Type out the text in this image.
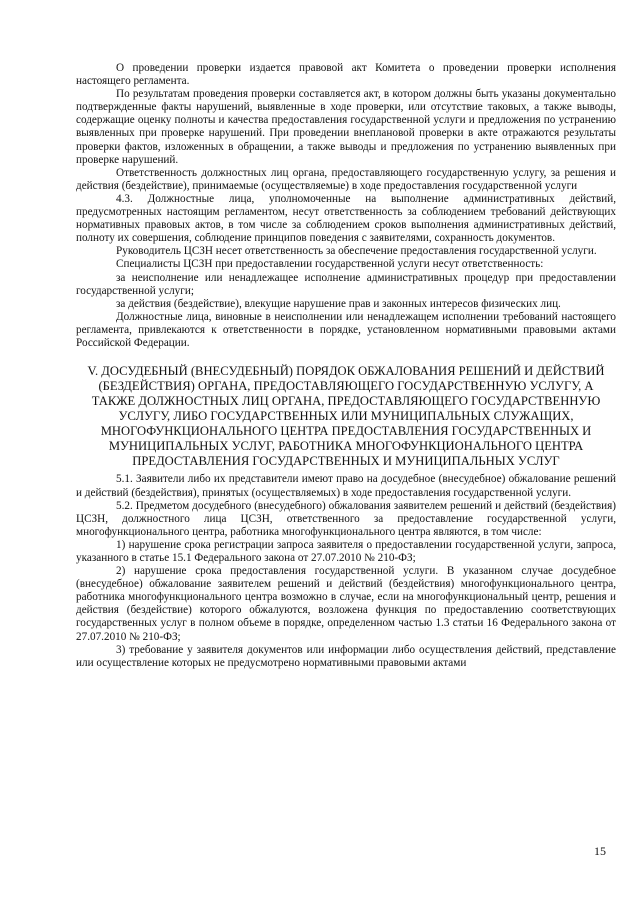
О проведении проверки издается правовой акт Комитета о проведении проверки исполнения настоящего регламента.

По результатам проведения проверки составляется акт, в котором должны быть указаны документально подтвержденные факты нарушений, выявленные в ходе проверки, или отсутствие таковых, а также выводы, содержащие оценку полноты и качества предоставления государственной услуги и предложения по устранению выявленных при проверке нарушений. При проведении внеплановой проверки в акте отражаются результаты проверки фактов, изложенных в обращении, а также выводы и предложения по устранению выявленных при проверке нарушений.

Ответственность должностных лиц органа, предоставляющего государственную услугу, за решения и действия (бездействие), принимаемые (осуществляемые) в ходе предоставления государственной услуги

4.3. Должностные лица, уполномоченные на выполнение административных действий, предусмотренных настоящим регламентом, несут ответственность за соблюдением требований действующих нормативных правовых актов, в том числе за соблюдением сроков выполнения административных действий, полноту их совершения, соблюдение принципов поведения с заявителями, сохранность документов.

Руководитель ЦСЗН несет ответственность за обеспечение предоставления государственной услуги.

Специалисты ЦСЗН при предоставлении государственной услуги несут ответственность:

за неисполнение или ненадлежащее исполнение административных процедур при предоставлении государственной услуги;

за действия (бездействие), влекущие нарушение прав и законных интересов физических лиц.

Должностные лица, виновные в неисполнении или ненадлежащем исполнении требований настоящего регламента, привлекаются к ответственности в порядке, установленном нормативными правовыми актами Российской Федерации.

V. ДОСУДЕБНЫЙ (ВНЕСУДЕБНЫЙ) ПОРЯДОК ОБЖАЛОВАНИЯ РЕШЕНИЙ И ДЕЙСТВИЙ (БЕЗДЕЙСТВИЯ) ОРГАНА, ПРЕДОСТАВЛЯЮЩЕГО ГОСУДАРСТВЕННУЮ УСЛУГУ, А ТАКЖЕ ДОЛЖНОСТНЫХ ЛИЦ ОРГАНА, ПРЕДОСТАВЛЯЮЩЕГО ГОСУДАРСТВЕННУЮ УСЛУГУ, ЛИБО ГОСУДАРСТВЕННЫХ ИЛИ МУНИЦИПАЛЬНЫХ СЛУЖАЩИХ, МНОГОФУНКЦИОНАЛЬНОГО ЦЕНТРА ПРЕДОСТАВЛЕНИЯ ГОСУДАРСТВЕННЫХ И МУНИЦИПАЛЬНЫХ УСЛУГ, РАБОТНИКА МНОГОФУНКЦИОНАЛЬНОГО ЦЕНТРА ПРЕДОСТАВЛЕНИЯ ГОСУДАРСТВЕННЫХ И МУНИЦИПАЛЬНЫХ УСЛУГ

5.1. Заявители либо их представители имеют право на досудебное (внесудебное) обжалование решений и действий (бездействия), принятых (осуществляемых) в ходе предоставления государственной услуги.

5.2. Предметом досудебного (внесудебного) обжалования заявителем решений и действий (бездействия) ЦСЗН, должностного лица ЦСЗН, ответственного за предоставление государственной услуги, многофункционального центра, работника многофункционального центра являются, в том числе:

1) нарушение срока регистрации запроса заявителя о предоставлении государственной услуги, запроса, указанного в статье 15.1 Федерального закона от 27.07.2010 № 210-ФЗ;

2) нарушение срока предоставления государственной услуги. В указанном случае досудебное (внесудебное) обжалование заявителем решений и действий (бездействия) многофункционального центра, работника многофункционального центра возможно в случае, если на многофункциональный центр, решения и действия (бездействие) которого обжалуются, возложена функция по предоставлению соответствующих государственных услуг в полном объеме в порядке, определенном частью 1.3 статьи 16 Федерального закона от 27.07.2010 № 210-ФЗ;

3) требование у заявителя документов или информации либо осуществления действий, представление или осуществление которых не предусмотрено нормативными правовыми актами

15
